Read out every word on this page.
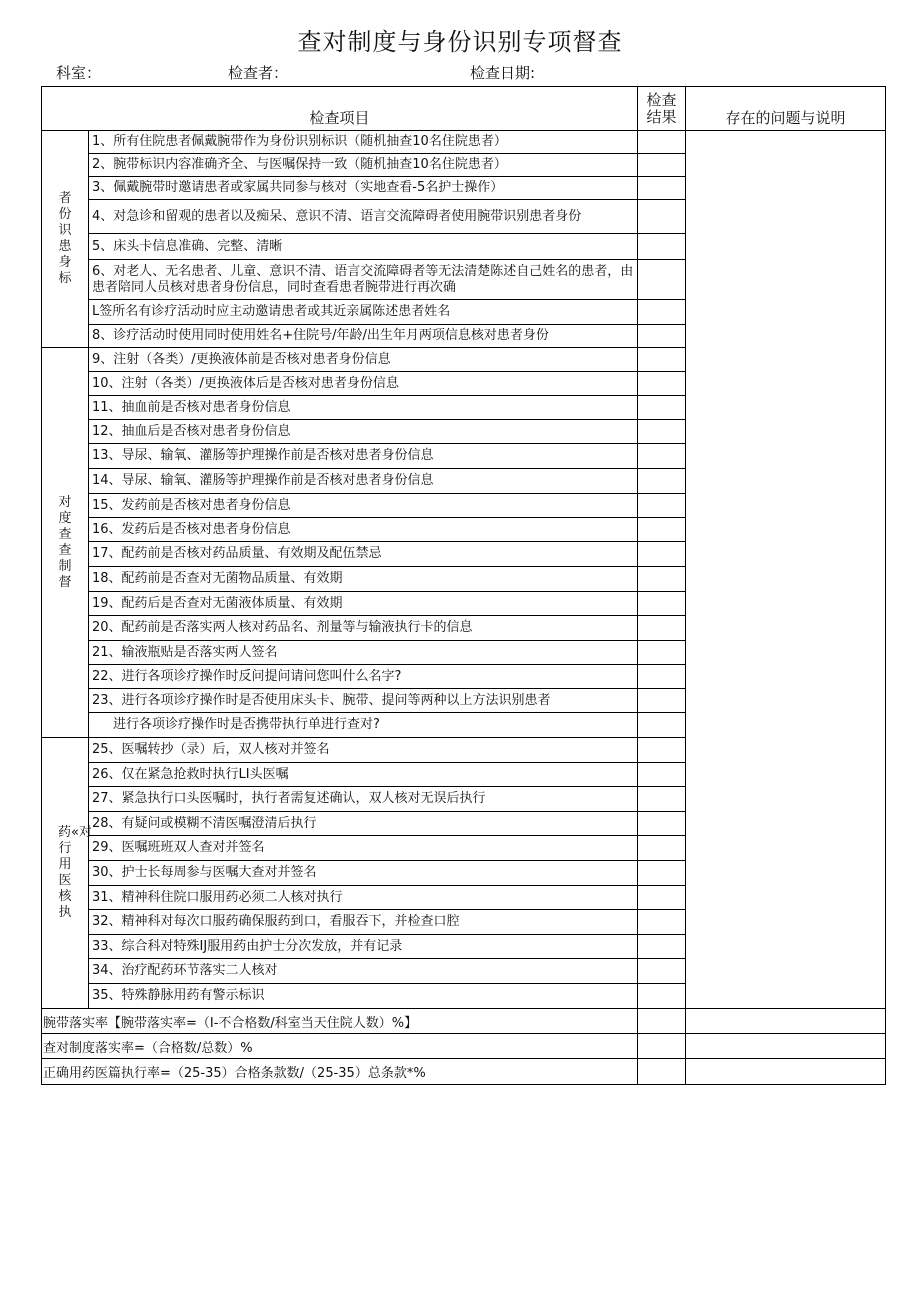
查对制度与身份识别专项督查
科室：	检查者：	检查日期:
检查项目		检查
结果	存在的问题与说明	
者份识患身标	1、所有住院患者佩戴腕带作为身份识别标识（随机抽查10名住院患者）			
	2、腕带标识内容准确齐全、与医嘱保持一致（随机抽查10名住院患者）			
	3、佩戴腕带时邀请患者或家属共同参与核对（实地查看-5名护士操作）			
	4、对急诊和留观的患者以及痴呆、意识不清、语言交流障碍者使用腕带识别患者身份			
	5、床头卡信息准确、完整、清晰			
	6、对老人、无名患者、儿童、意识不清、语言交流障碍者等无法清楚陈述自己姓名的患者，由患者陪同人员核对患者身份信息，同时查看患者腕带进行再次确			
	L签所名有诊疗活动时应主动邀请患者或其近亲属陈述患者姓名			
	8、诊疗活动时使用同时使用姓名+住院号/年龄/出生年月两项信息核对患者身份			
对度查查制督	9、注射（各类）/更换液体前是否核对患者身份信息			
	10、注射（各类）/更换液体后是否核对患者身份信息			
	11、抽血前是否核对患者身份信息			
	12、抽血后是否核对患者身份信息			
	13、导尿、输氧、灌肠等护理操作前是否核对患者身份信息			
	14、导尿、输氧、灌肠等护理操作前是否核对患者身份信息			
	15、发药前是否核对患者身份信息			
	16、发药后是否核对患者身份信息			
	17、配药前是否核对药品质量、有效期及配伍禁忌			
	18、配药前是否查对无菌物品质量、有效期			
	19、配药后是否查对无菌液体质量、有效期			
	20、配药前是否落实两人核对药品名、剂量等与输液执行卡的信息			
	21、输液瓶贴是否落实两人签名			
	22、进行各项诊疗操作时反问提问请问您叫什么名字?			
	23、进行各项诊疗操作时是否使用床头卡、腕带、提问等两种以上方法识别患者			
	进行各项诊疗操作时是否携带执行单进行查对?			
药«对行用医核执	25、医嘱转抄（录）后，双人核对并签名			
	26、仅在紧急抢救时执行LI头医嘱			
	27、紧急执行口头医嘱时，执行者需复述确认，双人核对无误后执行			
	28、有疑问或模糊不清医嘱澄清后执行			
	29、医嘱班班双人查对并签名			
	30、护士长每周参与医嘱大查对并签名			
	31、精神科住院口服用药必须二人核对执行			
	32、精神科对每次口服药确保服药到口，看服吞下，并检查口腔			
	33、综合科对特殊IJ服用药由护士分次发放，并有记录			
	34、治疗配药环节落实二人核对			
	35、特殊静脉用药有警示标识			
腕带落实率【腕带落实率=（I-不合格数/科室当天住院人数）%】				
查对制度落实率=（合格数/总数）%				
正确用药医篇执行率=（25-35）合格条款数/（25-35）总条款*%				
